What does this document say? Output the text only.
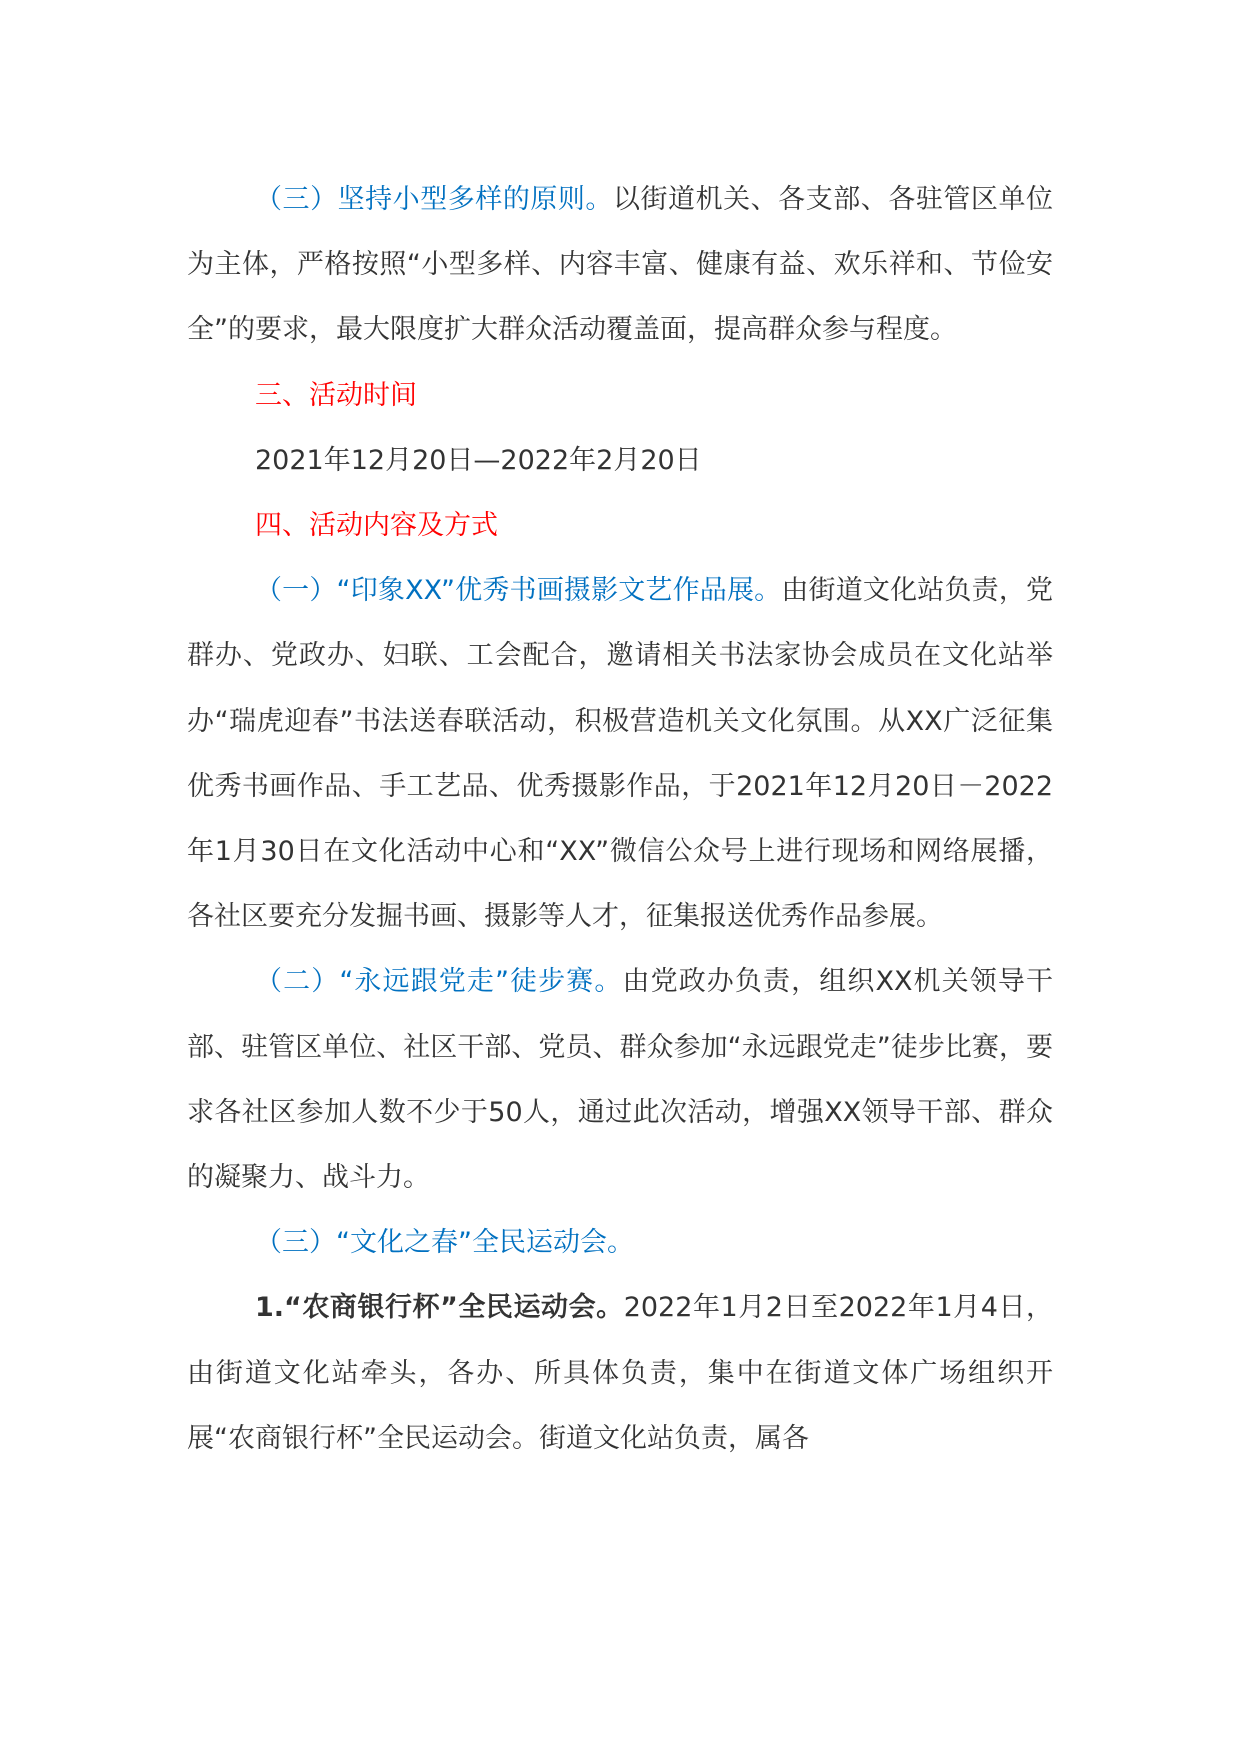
（三）坚持小型多样的原则。以街道机关、各支部、各驻管区单位为主体，严格按照“小型多样、内容丰富、健康有益、欢乐祥和、节俭安全”的要求，最大限度扩大群众活动覆盖面，提高群众参与程度。

三、活动时间

2021年12月20日—2022年2月20日

四、活动内容及方式

（一）“印象XX”优秀书画摄影文艺作品展。由街道文化站负责，党群办、党政办、妇联、工会配合，邀请相关书法家协会成员在文化站举办“瑞虎迎春”书法送春联活动，积极营造机关文化氛围。从XX广泛征集优秀书画作品、手工艺品、优秀摄影作品，于2021年12月20日－2022年1月30日在文化活动中心和“XX”微信公众号上进行现场和网络展播，各社区要充分发掘书画、摄影等人才，征集报送优秀作品参展。

（二）“永远跟党走”徒步赛。由党政办负责，组织XX机关领导干部、驻管区单位、社区干部、党员、群众参加“永远跟党走”徒步比赛，要求各社区参加人数不少于50人，通过此次活动，增强XX领导干部、群众的凝聚力、战斗力。

（三）“文化之春”全民运动会。

1.“农商银行杯”全民运动会。2022年1月2日至2022年1月4日，由街道文化站牵头，各办、所具体负责，集中在街道文体广场组织开展“农商银行杯”全民运动会。街道文化站负责，属各
